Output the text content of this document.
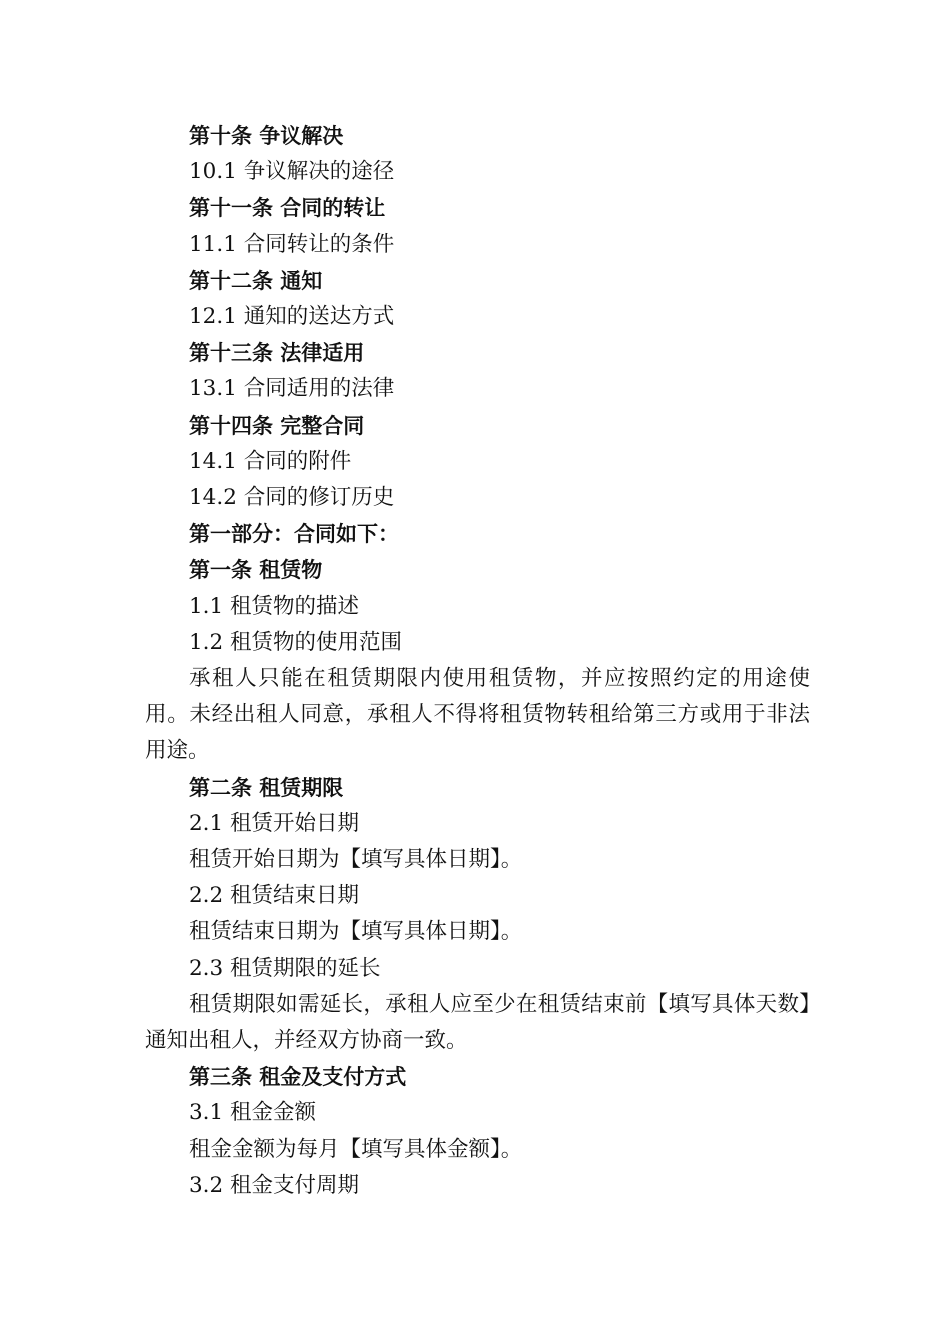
第十条 争议解决

10.1 争议解决的途径

第十一条 合同的转让

11.1 合同转让的条件

第十二条 通知

12.1 通知的送达方式

第十三条 法律适用

13.1 合同适用的法律

第十四条 完整合同

14.1 合同的附件

14.2 合同的修订历史

第一部分：合同如下：

第一条 租赁物

1.1 租赁物的描述

1.2 租赁物的使用范围

承租人只能在租赁期限内使用租赁物，并应按照约定的用途使用。未经出租人同意，承租人不得将租赁物转租给第三方或用于非法用途。

第二条 租赁期限

2.1 租赁开始日期

租赁开始日期为【填写具体日期】。

2.2 租赁结束日期

租赁结束日期为【填写具体日期】。

2.3 租赁期限的延长

租赁期限如需延长，承租人应至少在租赁结束前【填写具体天数】通知出租人，并经双方协商一致。

第三条 租金及支付方式

3.1 租金金额

租金金额为每月【填写具体金额】。

3.2 租金支付周期
